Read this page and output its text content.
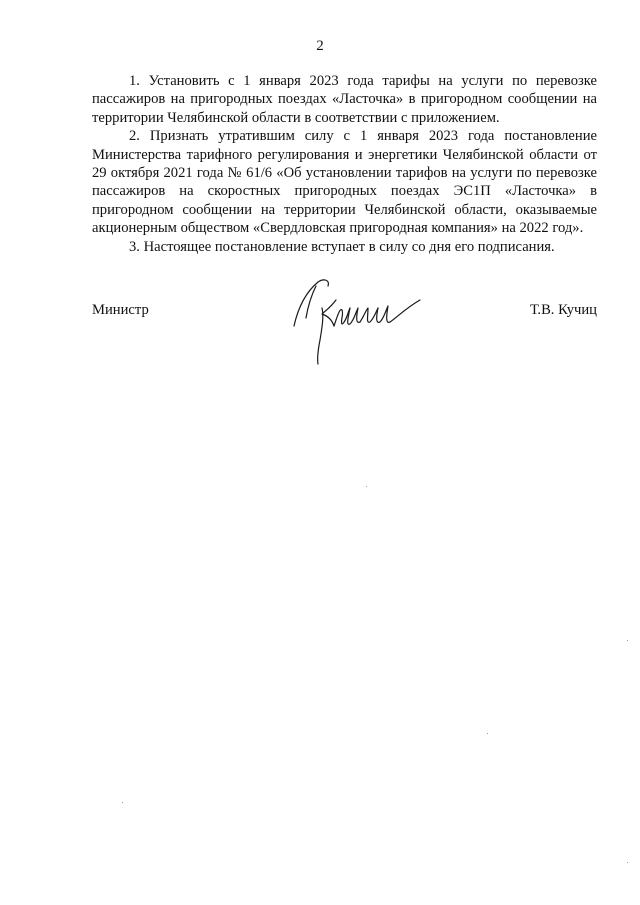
2

1. Установить с 1 января 2023 года тарифы на услуги по перевозке пассажиров на пригородных поездах «Ласточка» в пригородном сообщении на территории Челябинской области в соответствии с приложением.

2. Признать утратившим силу с 1 января 2023 года постановление Министерства тарифного регулирования и энергетики Челябинской области от 29 октября 2021 года № 61/6 «Об установлении тарифов на услуги по перевозке пассажиров на скоростных пригородных поездах ЭС1П «Ласточка» в пригородном сообщении на территории Челябинской области, оказываемые акционерным обществом «Свердловская пригородная компания» на 2022 год».

3. Настоящее постановление вступает в силу со дня его подписания.

Министр	Т.В. Кучиц
